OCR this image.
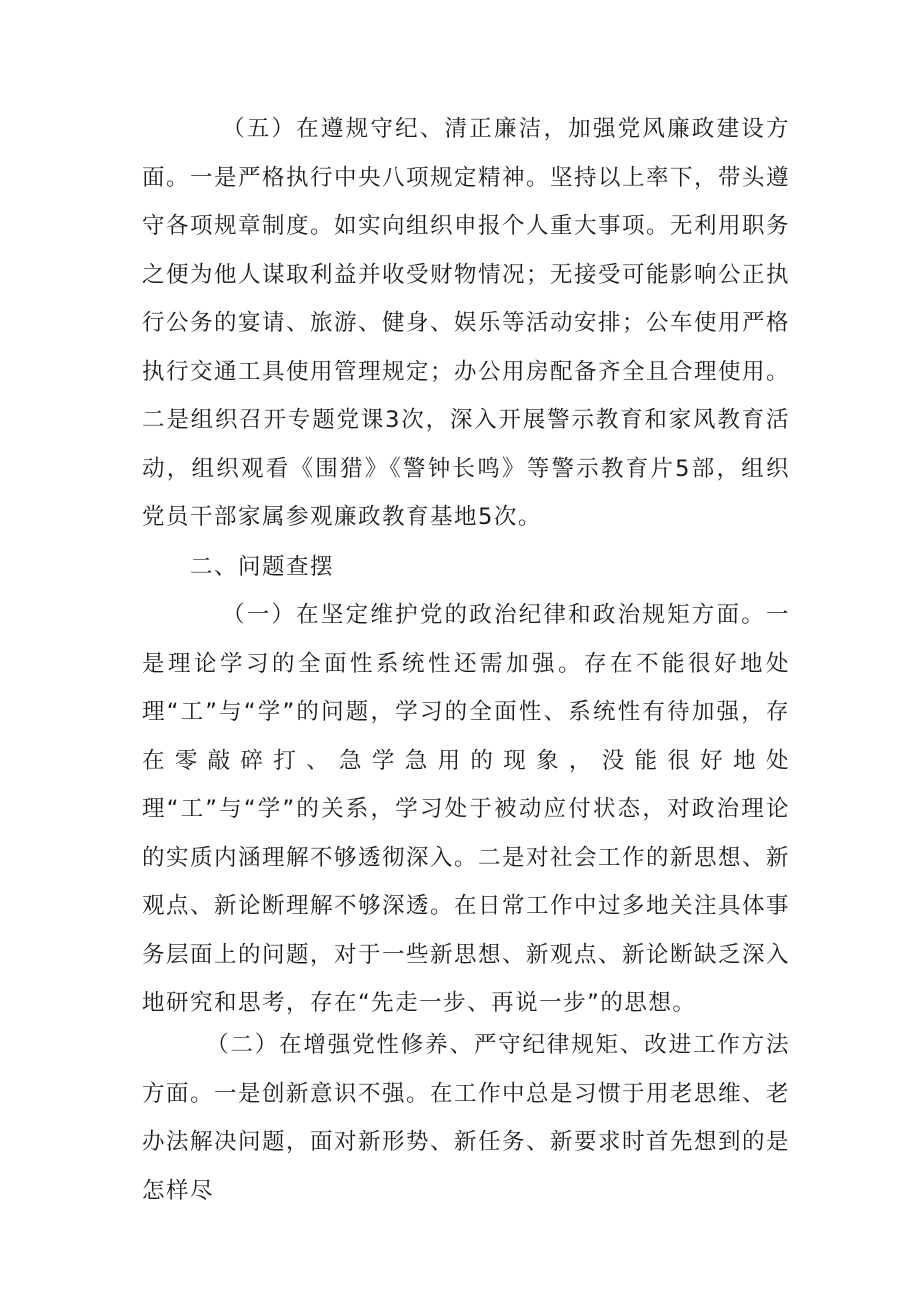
（五）在遵规守纪、清正廉洁，加强党风廉政建设方面。一是严格执行中央八项规定精神。坚持以上率下，带头遵守各项规章制度。如实向组织申报个人重大事项。无利用职务之便为他人谋取利益并收受财物情况；无接受可能影响公正执行公务的宴请、旅游、健身、娱乐等活动安排；公车使用严格执行交通工具使用管理规定；办公用房配备齐全且合理使用。二是组织召开专题党课3次，深入开展警示教育和家风教育活动，组织观看《围猎》《警钟长鸣》等警示教育片5部，组织党员干部家属参观廉政教育基地5次。

二、问题查摆

（一）在坚定维护党的政治纪律和政治规矩方面。一是理论学习的全面性系统性还需加强。存在不能很好地处理“工”与“学”的问题，学习的全面性、系统性有待加强，存在零敲碎打、急学急用的现象，没能很好地处理“工”与“学”的关系，学习处于被动应付状态，对政治理论的实质内涵理解不够透彻深入。二是对社会工作的新思想、新观点、新论断理解不够深透。在日常工作中过多地关注具体事务层面上的问题，对于一些新思想、新观点、新论断缺乏深入地研究和思考，存在“先走一步、再说一步”的思想。

（二）在增强党性修养、严守纪律规矩、改进工作方法方面。一是创新意识不强。在工作中总是习惯于用老思维、老办法解决问题，面对新形势、新任务、新要求时首先想到的是怎样尽
